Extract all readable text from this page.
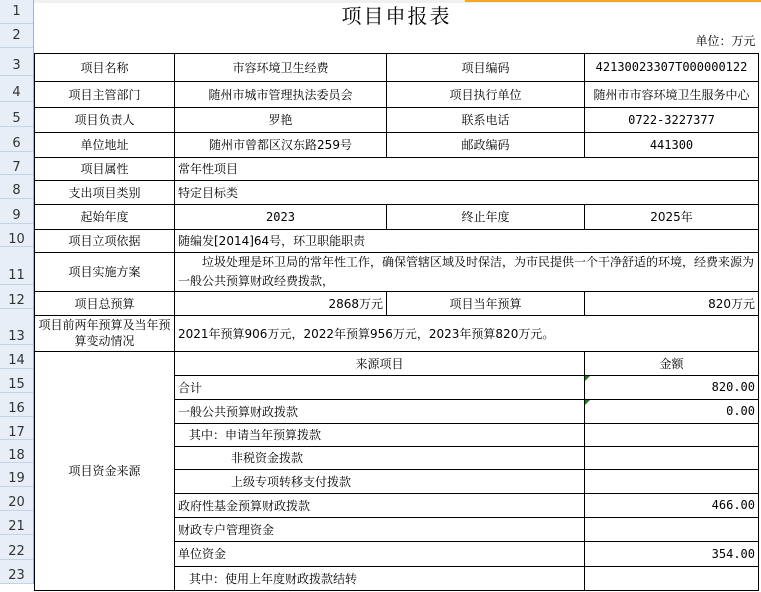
1
2
3
4
5
6
7
8
9
10
11
12
13
14
15
16
17
18
19
20
21
22
23
项目申报表			
单位：万元			
项目名称	市容环境卫生经费	项目编码	42130023307T000000122
项目主管部门	随州市城市管理执法委员会	项目执行单位	随州市市容环境卫生服务中心
项目负责人	罗艳	联系电话	0722-3227377
单位地址	随州市曾都区汉东路259号	邮政编码	441300
项目属性	常年性项目		
支出项目类别	特定目标类		
起始年度	2023	终止年度	2025年
项目立项依据	随编发[2014]64号，环卫职能职责		
项目实施方案	垃圾处理是环卫局的常年性工作，确保管辖区域及时保洁，为市民提供一个干净舒适的环境，经费来源为一般公共预算财政经费拨款，		
项目总预算	2868万元	项目当年预算	820万元
项目前两年预算及当年预算变动情况	2021年预算906万元，2022年预算956万元，2023年预算820万元。		
项目资金来源	来源项目		金额
	合计		820.00
	一般公共预算财政拨款		0.00
	其中：申请当年预算拨款		
	非税资金拨款		
	上级专项转移支付拨款		
	政府性基金预算财政拨款		466.00
	财政专户管理资金		
	单位资金		354.00
	其中：使用上年度财政拨款结转		
